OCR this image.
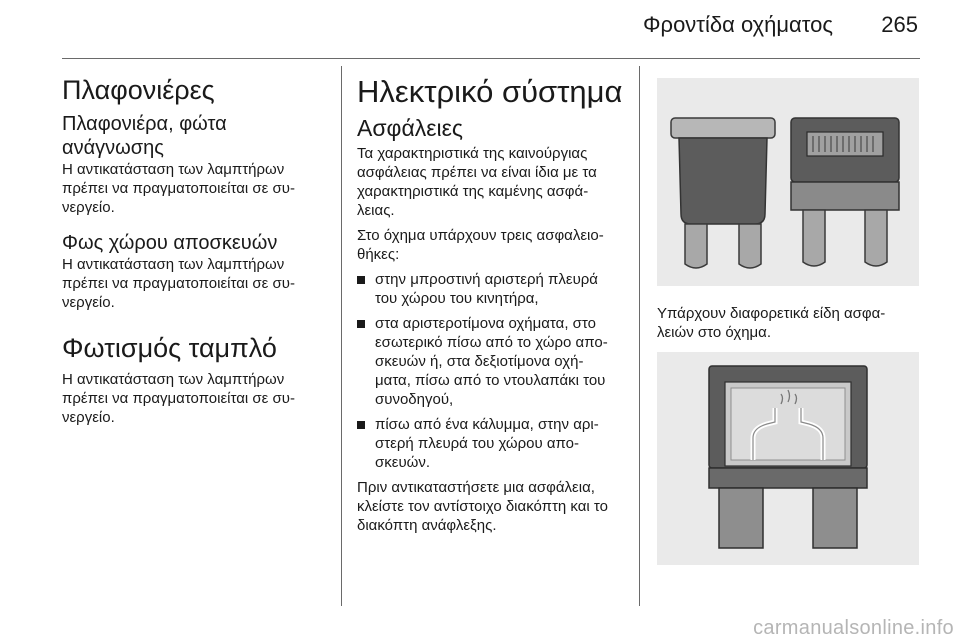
Φροντίδα οχήματος 265
Πλαφονιέρες
Πλαφονιέρα, φώτα ανάγνωσης

Η αντικατάσταση των λαμπτήρων
πρέπει να πραγματοποιείται σε συ-
νεργείο.

Φως χώρου αποσκευών

Η αντικατάσταση των λαμπτήρων
πρέπει να πραγματοποιείται σε συ-
νεργείο.

Φωτισμός ταμπλό

Η αντικατάσταση των λαμπτήρων
πρέπει να πραγματοποιείται σε συ-
νεργείο.

Ηλεκτρικό σύστημα
Ασφάλειες

Τα χαρακτηριστικά της καινούργιας
ασφάλειας πρέπει να είναι ίδια με τα
χαρακτηριστικά της καμένης ασφά-
λειας.

Στο όχημα υπάρχουν τρεις ασφαλειο-
θήκες:

στην μπροστινή αριστερή πλευρά
του χώρου του κινητήρα,
στα αριστεροτίμονα οχήματα, στο
εσωτερικό πίσω από το χώρο απο-
σκευών ή, στα δεξιοτίμονα οχή-
ματα, πίσω από το ντουλαπάκι του
συνοδηγού,
πίσω από ένα κάλυμμα, στην αρι-
στερή πλευρά του χώρου απο-
σκευών.

Πριν αντικαταστήσετε μια ασφάλεια,
κλείστε τον αντίστοιχο διακόπτη και το
διακόπτη ανάφλεξης.

Υπάρχουν διαφορετικά είδη ασφα-
λειών στο όχημα.

carmanualsonline.info
